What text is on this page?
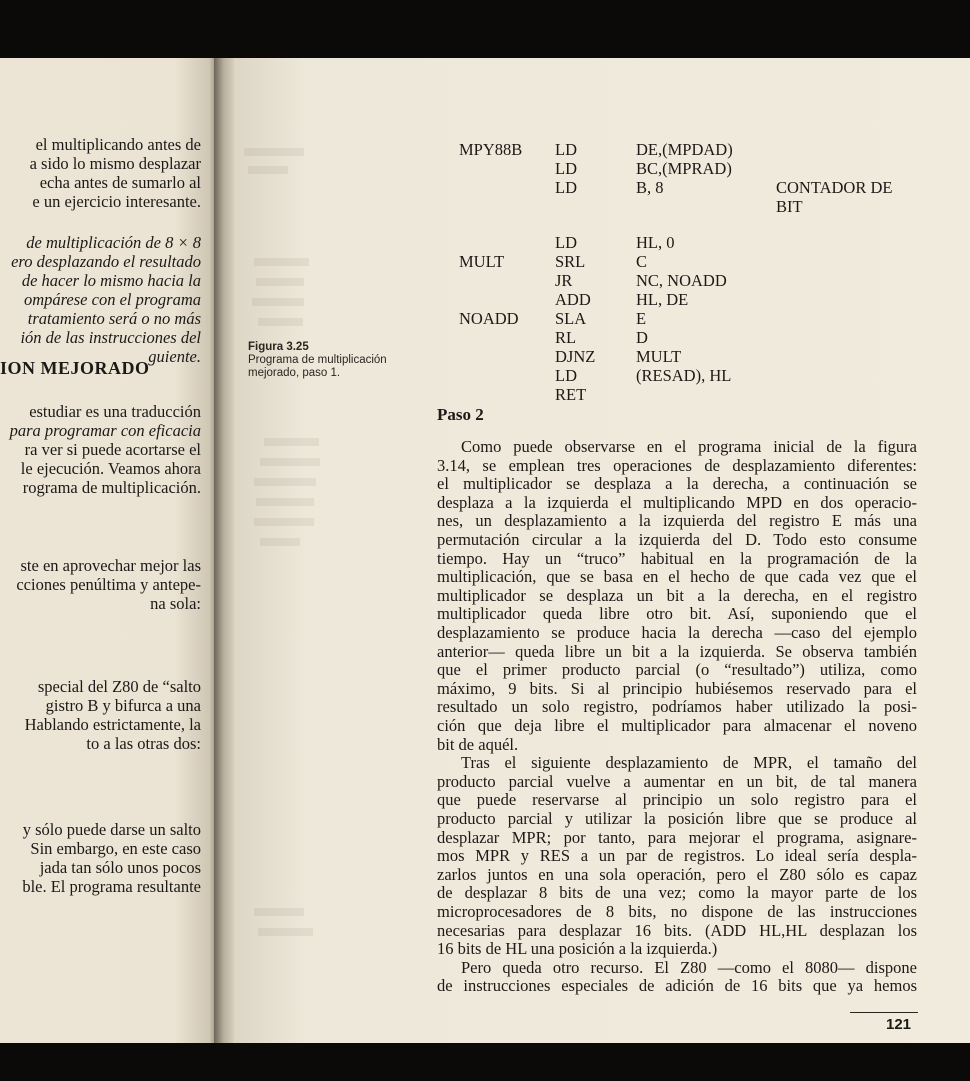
el multiplicando antes de
a sido lo mismo desplazar
echa antes de sumarlo al
e un ejercicio interesante.
de multiplicación de 8 × 8
ero desplazando el resultado
de hacer lo mismo hacia la
ompárese con el programa
tratamiento será o no más
ión de las instrucciones del
guiente.
estudiar es una traducción
para programar con eficacia
ra ver si puede acortarse el
le ejecución. Veamos ahora
rograma de multiplicación.
ste en aprovechar mejor las
cciones penúltima y antepe-
na sola:
special del Z80 de “salto
gistro B y bifurca a una
Hablando estrictamente, la
to a las otras dos:
y sólo puede darse un salto
Sin embargo, en este caso
jada tan sólo unos pocos
ble. El programa resultante
ION MEJORADO
Figura 3.25
Programa de multiplicación
mejorado, paso 1.
MPY88B LD	DE,(MPDAD)
LD	BC,(MPRAD)
LD	B, 8	CONTADOR DE
BIT
LD	HL, 0
MULT	SRL	C
JR	NC, NOADD
ADD	HL, DE
NOADD SLA	E
RL	D
DJNZ MULT
LD	(RESAD), HL
RET
Paso 2
Como puede observarse en el programa inicial de la figura
3.14, se emplean tres operaciones de desplazamiento diferentes:
el multiplicador se desplaza a la derecha, a continuación se
desplaza a la izquierda el multiplicando MPD en dos operacio-
nes, un desplazamiento a la izquierda del registro E más una
permutación circular a la izquierda del D. Todo esto consume
tiempo. Hay un “truco” habitual en la programación de la
multiplicación, que se basa en el hecho de que cada vez que el
multiplicador se desplaza un bit a la derecha, en el registro
multiplicador queda libre otro bit. Así, suponiendo que el
desplazamiento se produce hacia la derecha —caso del ejemplo
anterior— queda libre un bit a la izquierda. Se observa también
que el primer producto parcial (o “resultado”) utiliza, como
máximo, 9 bits. Si al principio hubiésemos reservado para el
resultado un solo registro, podríamos haber utilizado la posi-
ción que deja libre el multiplicador para almacenar el noveno
bit de aquél.
Tras el siguiente desplazamiento de MPR, el tamaño del
producto parcial vuelve a aumentar en un bit, de tal manera
que puede reservarse al principio un solo registro para el
producto parcial y utilizar la posición libre que se produce al
desplazar MPR; por tanto, para mejorar el programa, asignare-
mos MPR y RES a un par de registros. Lo ideal sería despla-
zarlos juntos en una sola operación, pero el Z80 sólo es capaz
de desplazar 8 bits de una vez; como la mayor parte de los
microprocesadores de 8 bits, no dispone de las instrucciones
necesarias para desplazar 16 bits. (ADD HL,HL desplazan los
16 bits de HL una posición a la izquierda.)
Pero queda otro recurso. El Z80 —como el 8080— dispone
de instrucciones especiales de adición de 16 bits que ya hemos
121
